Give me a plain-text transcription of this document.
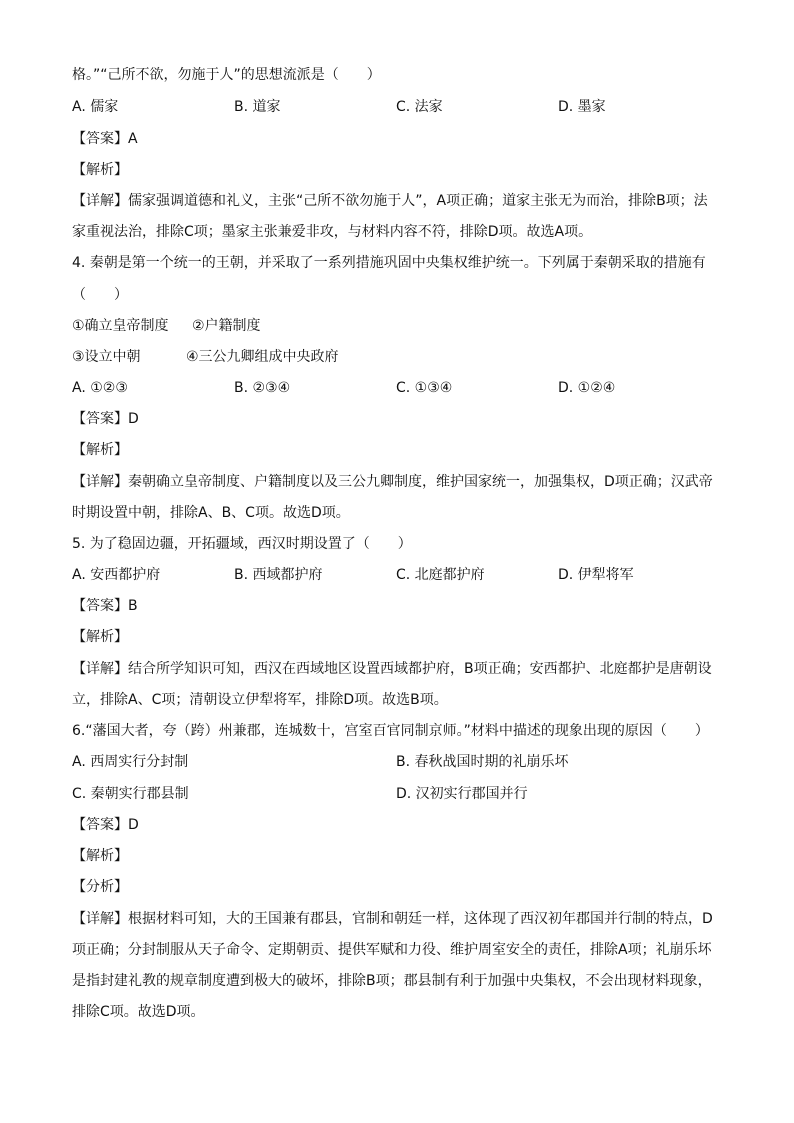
格。”“己所不欲，勿施于人”的思想流派是（　　）
A. 儒家	B. 道家	C. 法家	D. 墨家
【答案】A
【解析】
【详解】儒家强调道德和礼义，主张“己所不欲勿施于人”，A项正确；道家主张无为而治，排除B项；法
家重视法治，排除C项；墨家主张兼爱非攻，与材料内容不符，排除D项。故选A项。
4. 秦朝是第一个统一的王朝，并采取了一系列措施巩固中央集权维护统一。下列属于秦朝采取的措施有
（　　）
①确立皇帝制度 ②户籍制度
③设立中朝	④三公九卿组成中央政府
A. ①②③	B. ②③④	C. ①③④	D. ①②④
【答案】D
【解析】
【详解】秦朝确立皇帝制度、户籍制度以及三公九卿制度，维护国家统一，加强集权，D项正确；汉武帝
时期设置中朝，排除A、B、C项。故选D项。
5. 为了稳固边疆，开拓疆域，西汉时期设置了（　　）
A. 安西都护府	B. 西域都护府	C. 北庭都护府	D. 伊犁将军
【答案】B
【解析】
【详解】结合所学知识可知，西汉在西域地区设置西域都护府，B项正确；安西都护、北庭都护是唐朝设
立，排除A、C项；清朝设立伊犁将军，排除D项。故选B项。
6.“藩国大者，夸（跨）州兼郡，连城数十，宫室百官同制京师。”材料中描述的现象出现的原因（　　）
A. 西周实行分封制	B. 春秋战国时期的礼崩乐坏
C. 秦朝实行郡县制	D. 汉初实行郡国并行
【答案】D
【解析】
【分析】
【详解】根据材料可知，大的王国兼有郡县，官制和朝廷一样，这体现了西汉初年郡国并行制的特点，D
项正确；分封制服从天子命令、定期朝贡、提供军赋和力役、维护周室安全的责任，排除A项；礼崩乐坏
是指封建礼教的规章制度遭到极大的破坏，排除B项；郡县制有利于加强中央集权，不会出现材料现象，
排除C项。故选D项。
